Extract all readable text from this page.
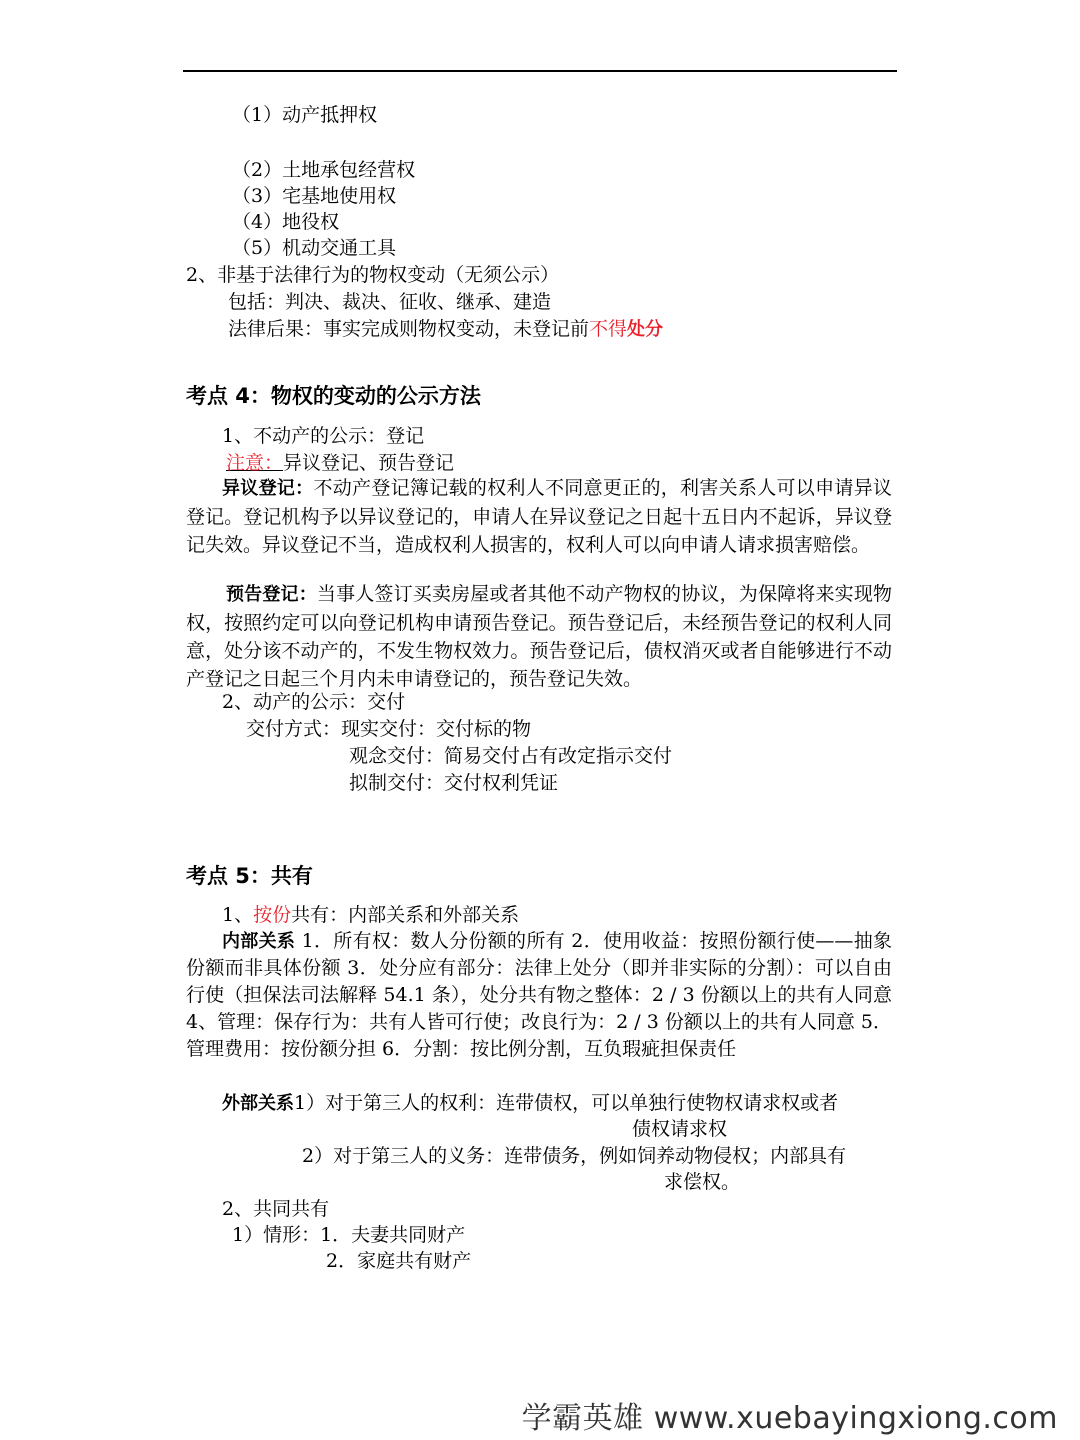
（1）动产抵押权
（2）土地承包经营权
（3）宅基地使用权
（4）地役权
（5）机动交通工具
2、非基于法律行为的物权变动（无须公示）
包括：判决、裁决、征收、继承、建造
法律后果：事实完成则物权变动，未登记前不得处分
考点 4：物权的变动的公示方法
1、不动产的公示：登记
注意：异议登记、预告登记
异议登记：不动产登记簿记载的权利人不同意更正的，利害关系人可以申请异议登记。登记机构予以异议登记的，申请人在异议登记之日起十五日内不起诉，异议登记失效。异议登记不当，造成权利人损害的，权利人可以向申请人请求损害赔偿。
预告登记：当事人签订买卖房屋或者其他不动产物权的协议，为保障将来实现物权，按照约定可以向登记机构申请预告登记。预告登记后，未经预告登记的权利人同意，处分该不动产的，不发生物权效力。预告登记后，债权消灭或者自能够进行不动产登记之日起三个月内未申请登记的，预告登记失效。
2、动产的公示：交付
交付方式：现实交付：交付标的物
观念交付：简易交付占有改定指示交付
拟制交付：交付权利凭证
考点 5：共有
1、按份共有：内部关系和外部关系
内部关系 1．所有权：数人分份额的所有 2．使用收益：按照份额行使——抽象份额而非具体份额 3．处分应有部分：法律上处分（即并非实际的分割）：可以自由行使（担保法司法解释 54.1 条），处分共有物之整体：2 / 3 份额以上的共有人同意 4、管理：保存行为：共有人皆可行使；改良行为：2 / 3 份额以上的共有人同意 5．管理费用：按份额分担 6．分割：按比例分割，互负瑕疵担保责任
外部关系1）对于第三人的权利：连带债权，可以单独行使物权请求权或者
债权请求权
2）对于第三人的义务：连带债务，例如饲养动物侵权；内部具有
求偿权。
2、共同共有
1）情形：1．夫妻共同财产
2．家庭共有财产
学霸英雄 www.xuebayingxiong.com
